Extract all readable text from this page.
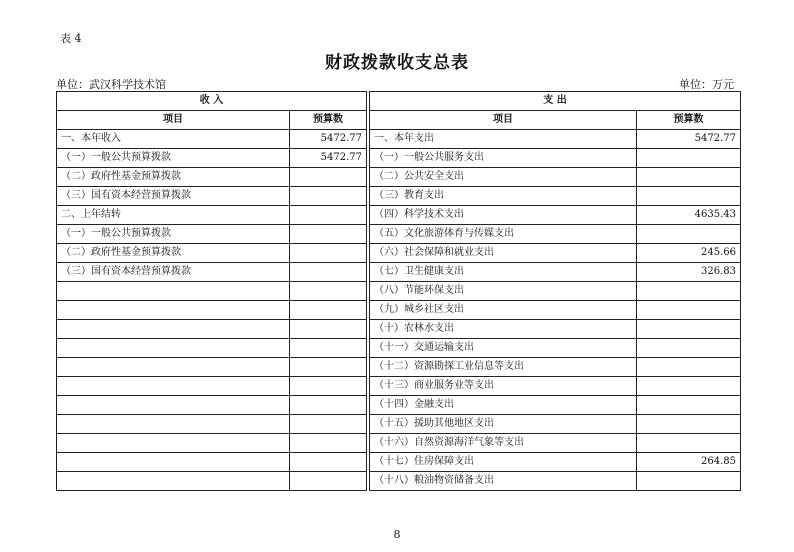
表 4
财政拨款收支总表
单位：武汉科学技术馆	单位：万元
收 入			支 出	
项目	预算数		项目	预算数
一、本年收入	5472.77		一、本年支出	5472.77
（一）一般公共预算拨款	5472.77		（一）一般公共服务支出	
（二）政府性基金预算拨款			（二）公共安全支出	
（三）国有资本经营预算拨款			（三）教育支出	
二、上年结转			（四）科学技术支出	4635.43
（一）一般公共预算拨款			（五）文化旅游体育与传媒支出	
（二）政府性基金预算拨款			（六）社会保障和就业支出	245.66
（三）国有资本经营预算拨款			（七）卫生健康支出	326.83
			（八）节能环保支出	
			（九）城乡社区支出	
			（十）农林水支出	
			（十一）交通运输支出	
			（十二）资源勘探工业信息等支出	
			（十三）商业服务业等支出	
			（十四）金融支出	
			（十五）援助其他地区支出	
			（十六）自然资源海洋气象等支出	
			（十七）住房保障支出	264.85
			（十八）粮油物资储备支出	
8
